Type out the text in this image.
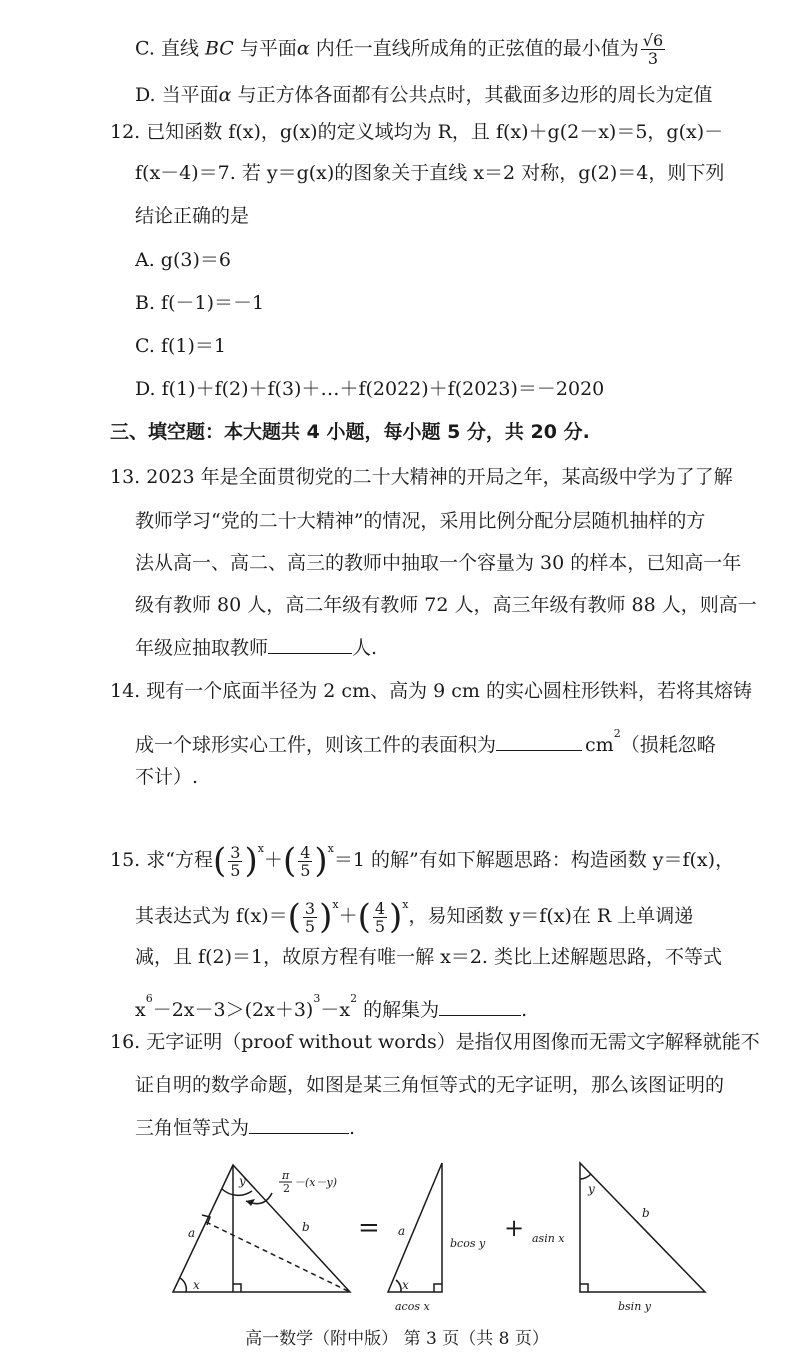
C. 直线 BC 与平面α 内任一直线所成角的正弦值的最小值为 $\frac{√6}{3}$
D. 当平面α 与正方体各面都有公共点时，其截面多边形的周长为定值
12. 已知函数 f(x)，g(x)的定义域均为 R，且 f(x)＋g(2－x)＝5，g(x)－
f(x－4)＝7. 若 y＝g(x)的图象关于直线 x＝2 对称，g(2)＝4，则下列
结论正确的是
A. g(3)＝6
B. f(－1)＝－1
C. f(1)＝1
D. f(1)＋f(2)＋f(3)＋…＋f(2022)＋f(2023)＝－2020
三、填空题：本大题共 4 小题，每小题 5 分，共 20 分.
13. 2023 年是全面贯彻党的二十大精神的开局之年，某高级中学为了了解
教师学习“党的二十大精神”的情况，采用比例分配分层随机抽样的方
法从高一、高二、高三的教师中抽取一个容量为 30 的样本，已知高一年
级有教师 80 人，高二年级有教师 72 人，高三年级有教师 88 人，则高一
年级应抽取教师	人.
14. 现有一个底面半径为 2 cm、高为 9 cm 的实心圆柱形铁料，若将其熔铸
成一个球形实心工件，则该工件的表面积为	$cm^2$（损耗忽略
不计）.
15. 求“方程( $\frac{3}{5} )^x+( \frac{4}{5} )^x=1$ 的解”有如下解题思路：构造函数 y＝f(x)，
其表达式为 $f(x)=( \frac{3}{5} )^x+( \frac{4}{5} )^x$，易知函数 y＝f(x)在 R 上单调递
减，且 f(2)＝1，故原方程有唯一解 x＝2. 类比上述解题思路，不等式
$x^6-2x-3>(2x+3)^3-x^2$ 的解集为	.
16. 无字证明（proof without words）是指仅用图像而无需文字解释就能不
证自明的数学命题，如图是某三角恒等式的无字证明，那么该图证明的
三角恒等式为	.
y
a	b
x
π
2 －(x－y)
a
x
bcos y
acos x
y
b
asin x
bsin y
=	+
高一数学（附中版） 第 3 页（共 8 页）
